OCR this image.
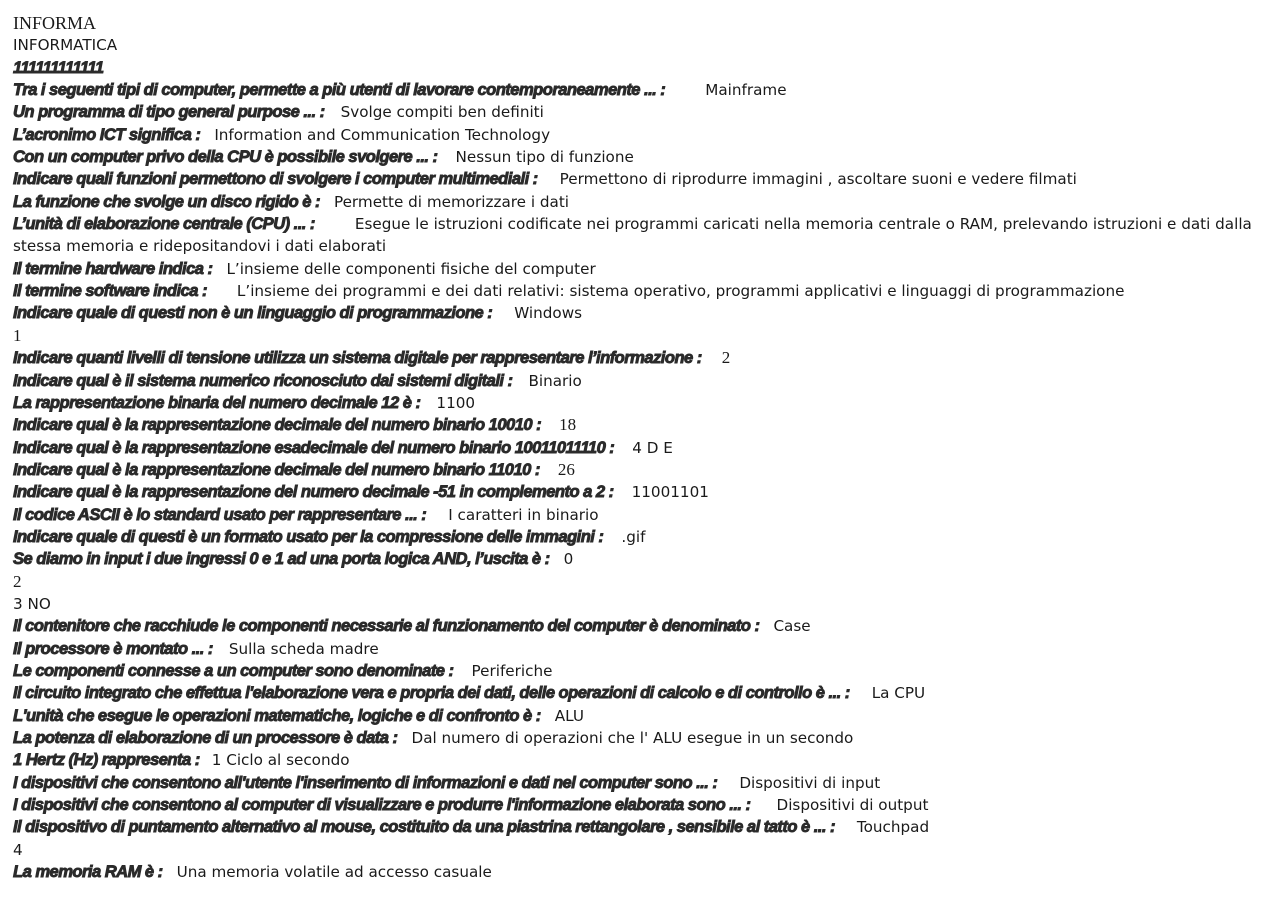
INFORMA
INFORMATICA
111111111111
Tra i seguenti tipi di computer, permette a più utenti di lavorare contemporaneamente ... :	Mainframe
Un programma di tipo general purpose ... : Svolge compiti ben definiti
L’acronimo ICT significa : Information and Communication Technology
Con un computer privo della CPU è possibile svolgere ... : Nessun tipo di funzione
Indicare quali funzioni permettono di svolgere i computer multimediali : Permettono di riprodurre immagini , ascoltare suoni e vedere filmati
La funzione che svolge un disco rigido è : Permette di memorizzare i dati
L’unità di elaborazione centrale (CPU) ... :	Esegue le istruzioni codificate nei programmi caricati nella memoria centrale o RAM, prelevando istruzioni e dati dalla stessa memoria e ridepositandovi i dati elaborati
Il termine hardware indica : L’insieme delle componenti fisiche del computer
Il termine software indica : L’insieme dei programmi e dei dati relativi: sistema operativo, programmi applicativi e linguaggi di programmazione
Indicare quale di questi non è un linguaggio di programmazione : Windows
1
Indicare quanti livelli di tensione utilizza un sistema digitale per rappresentare l’informazione : 2
Indicare qual è il sistema numerico riconosciuto dai sistemi digitali : Binario
La rappresentazione binaria del numero decimale 12 è : 1100
Indicare qual è la rappresentazione decimale del numero binario 10010 : 18
Indicare qual è la rappresentazione esadecimale del numero binario 10011011110 : 4 D E
Indicare qual è la rappresentazione decimale del numero binario 11010 : 26
Indicare qual è la rappresentazione del numero decimale -51 in complemento a 2 : 11001101
Il codice ASCII è lo standard usato per rappresentare ... : I caratteri in binario
Indicare quale di questi è un formato usato per la compressione delle immagini : .gif
Se diamo in input i due ingressi 0 e 1 ad una porta logica AND, l’uscita è : 0
2
3 NO
Il contenitore che racchiude le componenti necessarie al funzionamento del computer è denominato : Case
Il processore è montato ... : Sulla scheda madre
Le componenti connesse a un computer sono denominate : Periferiche
Il circuito integrato che effettua l'elaborazione vera e propria dei dati, delle operazioni di calcolo e di controllo è ... : La CPU
L'unità che esegue le operazioni matematiche, logiche e di confronto è : ALU
La potenza di elaborazione di un processore è data : Dal numero di operazioni che l' ALU esegue in un secondo
1 Hertz (Hz) rappresenta : 1 Ciclo al secondo
I dispositivi che consentono all'utente l'inserimento di informazioni e dati nel computer sono ... : Dispositivi di input
I dispositivi che consentono al computer di visualizzare e produrre l'informazione elaborata sono ... : Dispositivi di output
Il dispositivo di puntamento alternativo al mouse, costituito da una piastrina rettangolare , sensibile al tatto è ... : Touchpad
4
La memoria RAM è : Una memoria volatile ad accesso casuale
